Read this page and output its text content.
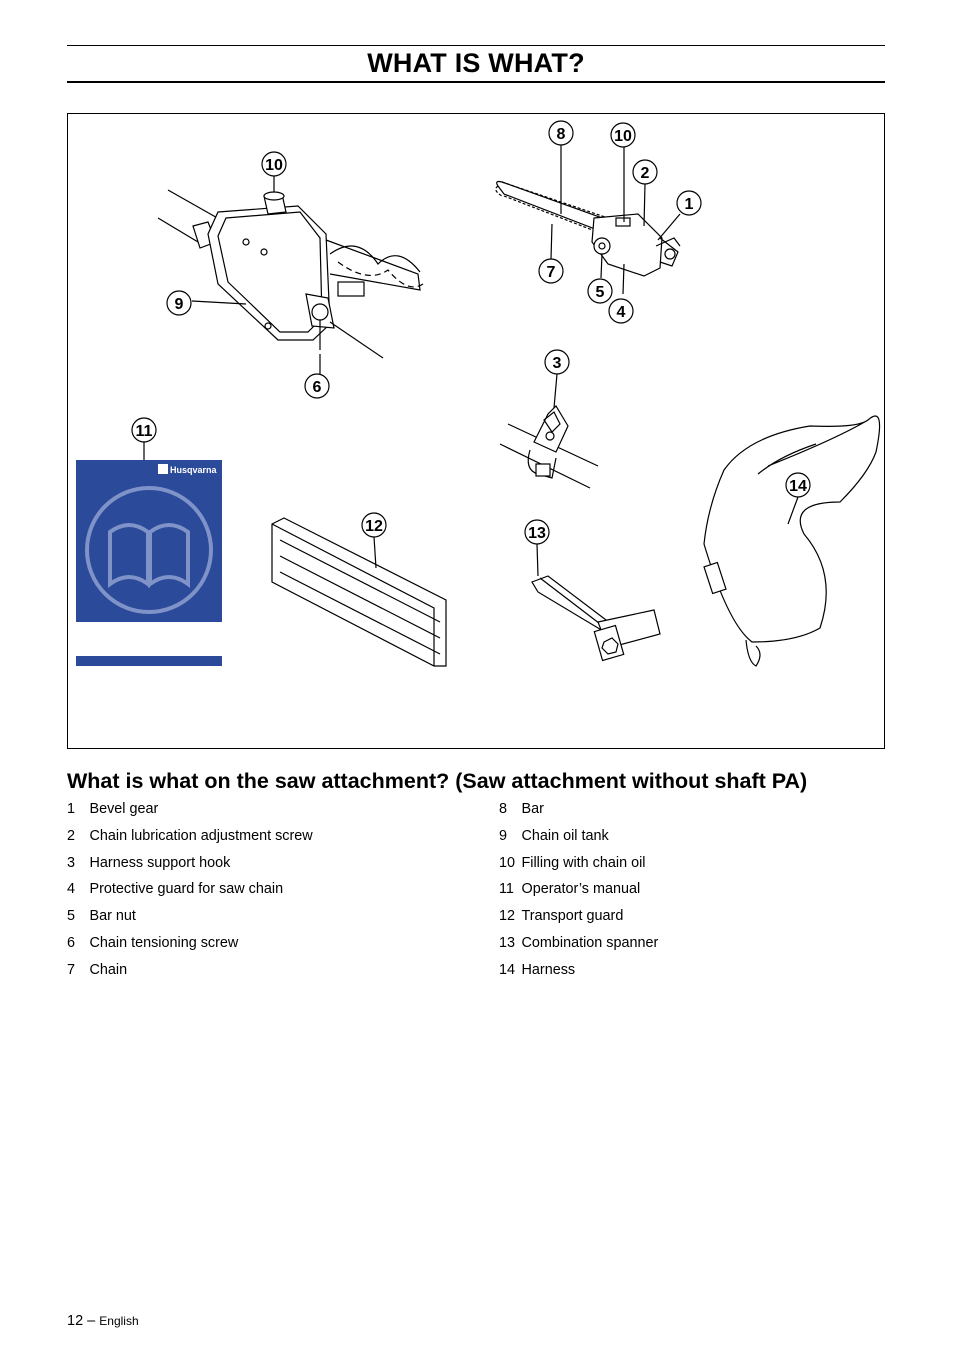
WHAT IS WHAT?
Husqvarna
10
9
6
8	10
2
1
7
5
4
3
11
12	13
14
What is what on the saw attachment? (Saw attachment without shaft PA)
1	Bevel gear
2	Chain lubrication adjustment screw
3	Harness support hook
4	Protective guard for saw chain
5	Bar nut
6	Chain tensioning screw
7	Chain
8	Bar
9	Chain oil tank
10 Filling with chain oil
11 Operator’s manual
12 Transport guard
13 Combination spanner
14 Harness
12 – English
